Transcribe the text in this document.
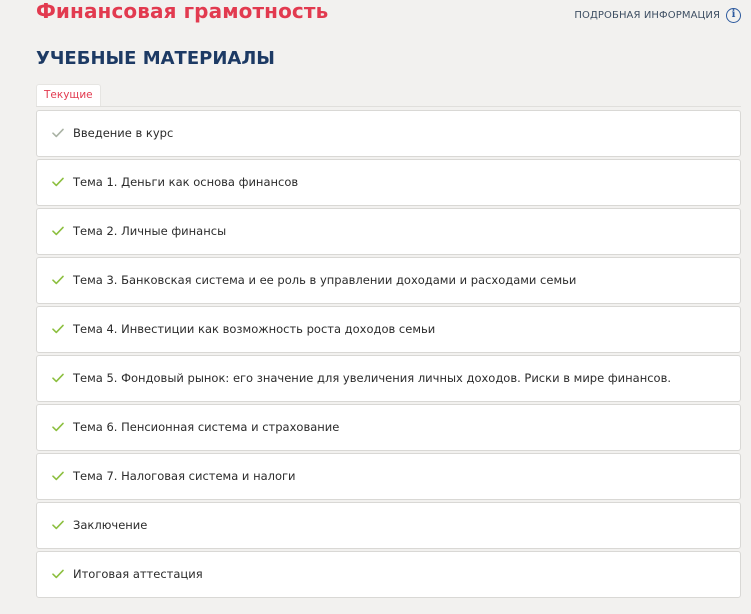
Финансовая грамотность	ПОДРОБНАЯ ИНФОРМАЦИЯ	i
УЧЕБНЫЕ МАТЕРИАЛЫ
Текущие
Введение в курс
Тема 1. Деньги как основа финансов
Тема 2. Личные финансы
Тема 3. Банковская система и ее роль в управлении доходами и расходами семьи
Тема 4. Инвестиции как возможность роста доходов семьи
Тема 5. Фондовый рынок: его значение для увеличения личных доходов. Риски в мире финансов.
Тема 6. Пенсионная система и страхование
Тема 7. Налоговая система и налоги
Заключение
Итоговая аттестация
